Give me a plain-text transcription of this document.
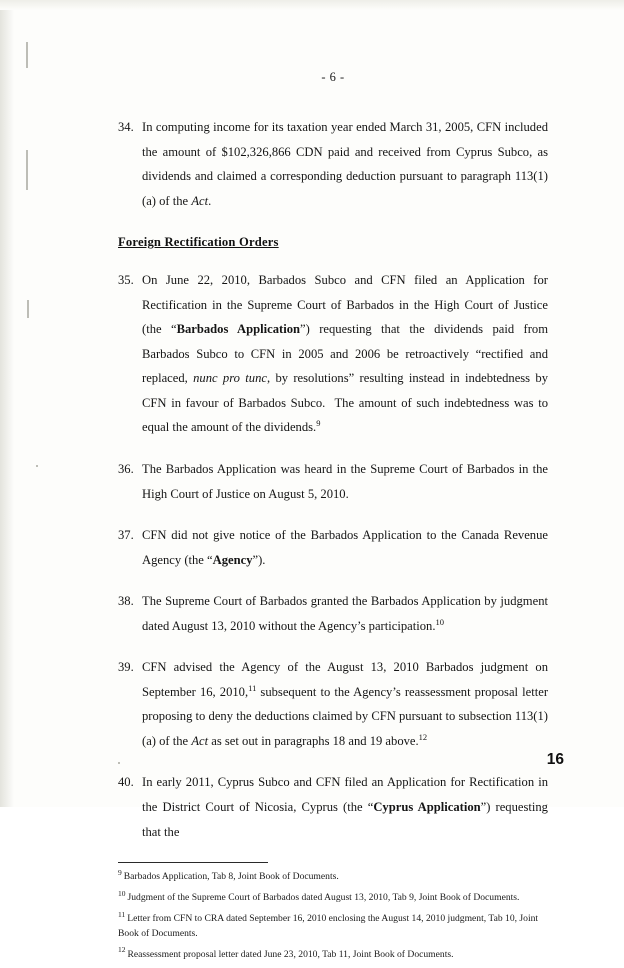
- 6 -
34. In computing income for its taxation year ended March 31, 2005, CFN included the amount of $102,326,866 CDN paid and received from Cyprus Subco, as dividends and claimed a corresponding deduction pursuant to paragraph 113(1)(a) of the Act.
Foreign Rectification Orders
35. On June 22, 2010, Barbados Subco and CFN filed an Application for Rectification in the Supreme Court of Barbados in the High Court of Justice (the “Barbados Application”) requesting that the dividends paid from Barbados Subco to CFN in 2005 and 2006 be retroactively “rectified and replaced, nunc pro tunc, by resolutions” resulting instead in indebtedness by CFN in favour of Barbados Subco.  The amount of such indebtedness was to equal the amount of the dividends.$^9$
36. The Barbados Application was heard in the Supreme Court of Barbados in the High Court of Justice on August 5, 2010.
37. CFN did not give notice of the Barbados Application to the Canada Revenue Agency (the “Agency”).
38. The Supreme Court of Barbados granted the Barbados Application by judgment dated August 13, 2010 without the Agency’s participation.$^{10}$
39. CFN advised the Agency of the August 13, 2010 Barbados judgment on September 16, 2010,11 subsequent to the Agency’s reassessment proposal letter proposing to deny the deductions claimed by CFN pursuant to subsection 113(1)(a) of the Act as set out in paragraphs 18 and 19 above.$^{12}$
40. In early 2011, Cyprus Subco and CFN filed an Application for Rectification in the District Court of Nicosia, Cyprus (the “Cyprus Application”) requesting that the
$^9$ Barbados Application, Tab 8, Joint Book of Documents.
$^{10}$ Judgment of the Supreme Court of Barbados dated August 13, 2010, Tab 9, Joint Book of Documents.
$^{11}$ Letter from CFN to CRA dated September 16, 2010 enclosing the August 14, 2010 judgment, Tab 10, Joint Book of Documents.
$^{12}$ Reassessment proposal letter dated June 23, 2010, Tab 11, Joint Book of Documents.
16
